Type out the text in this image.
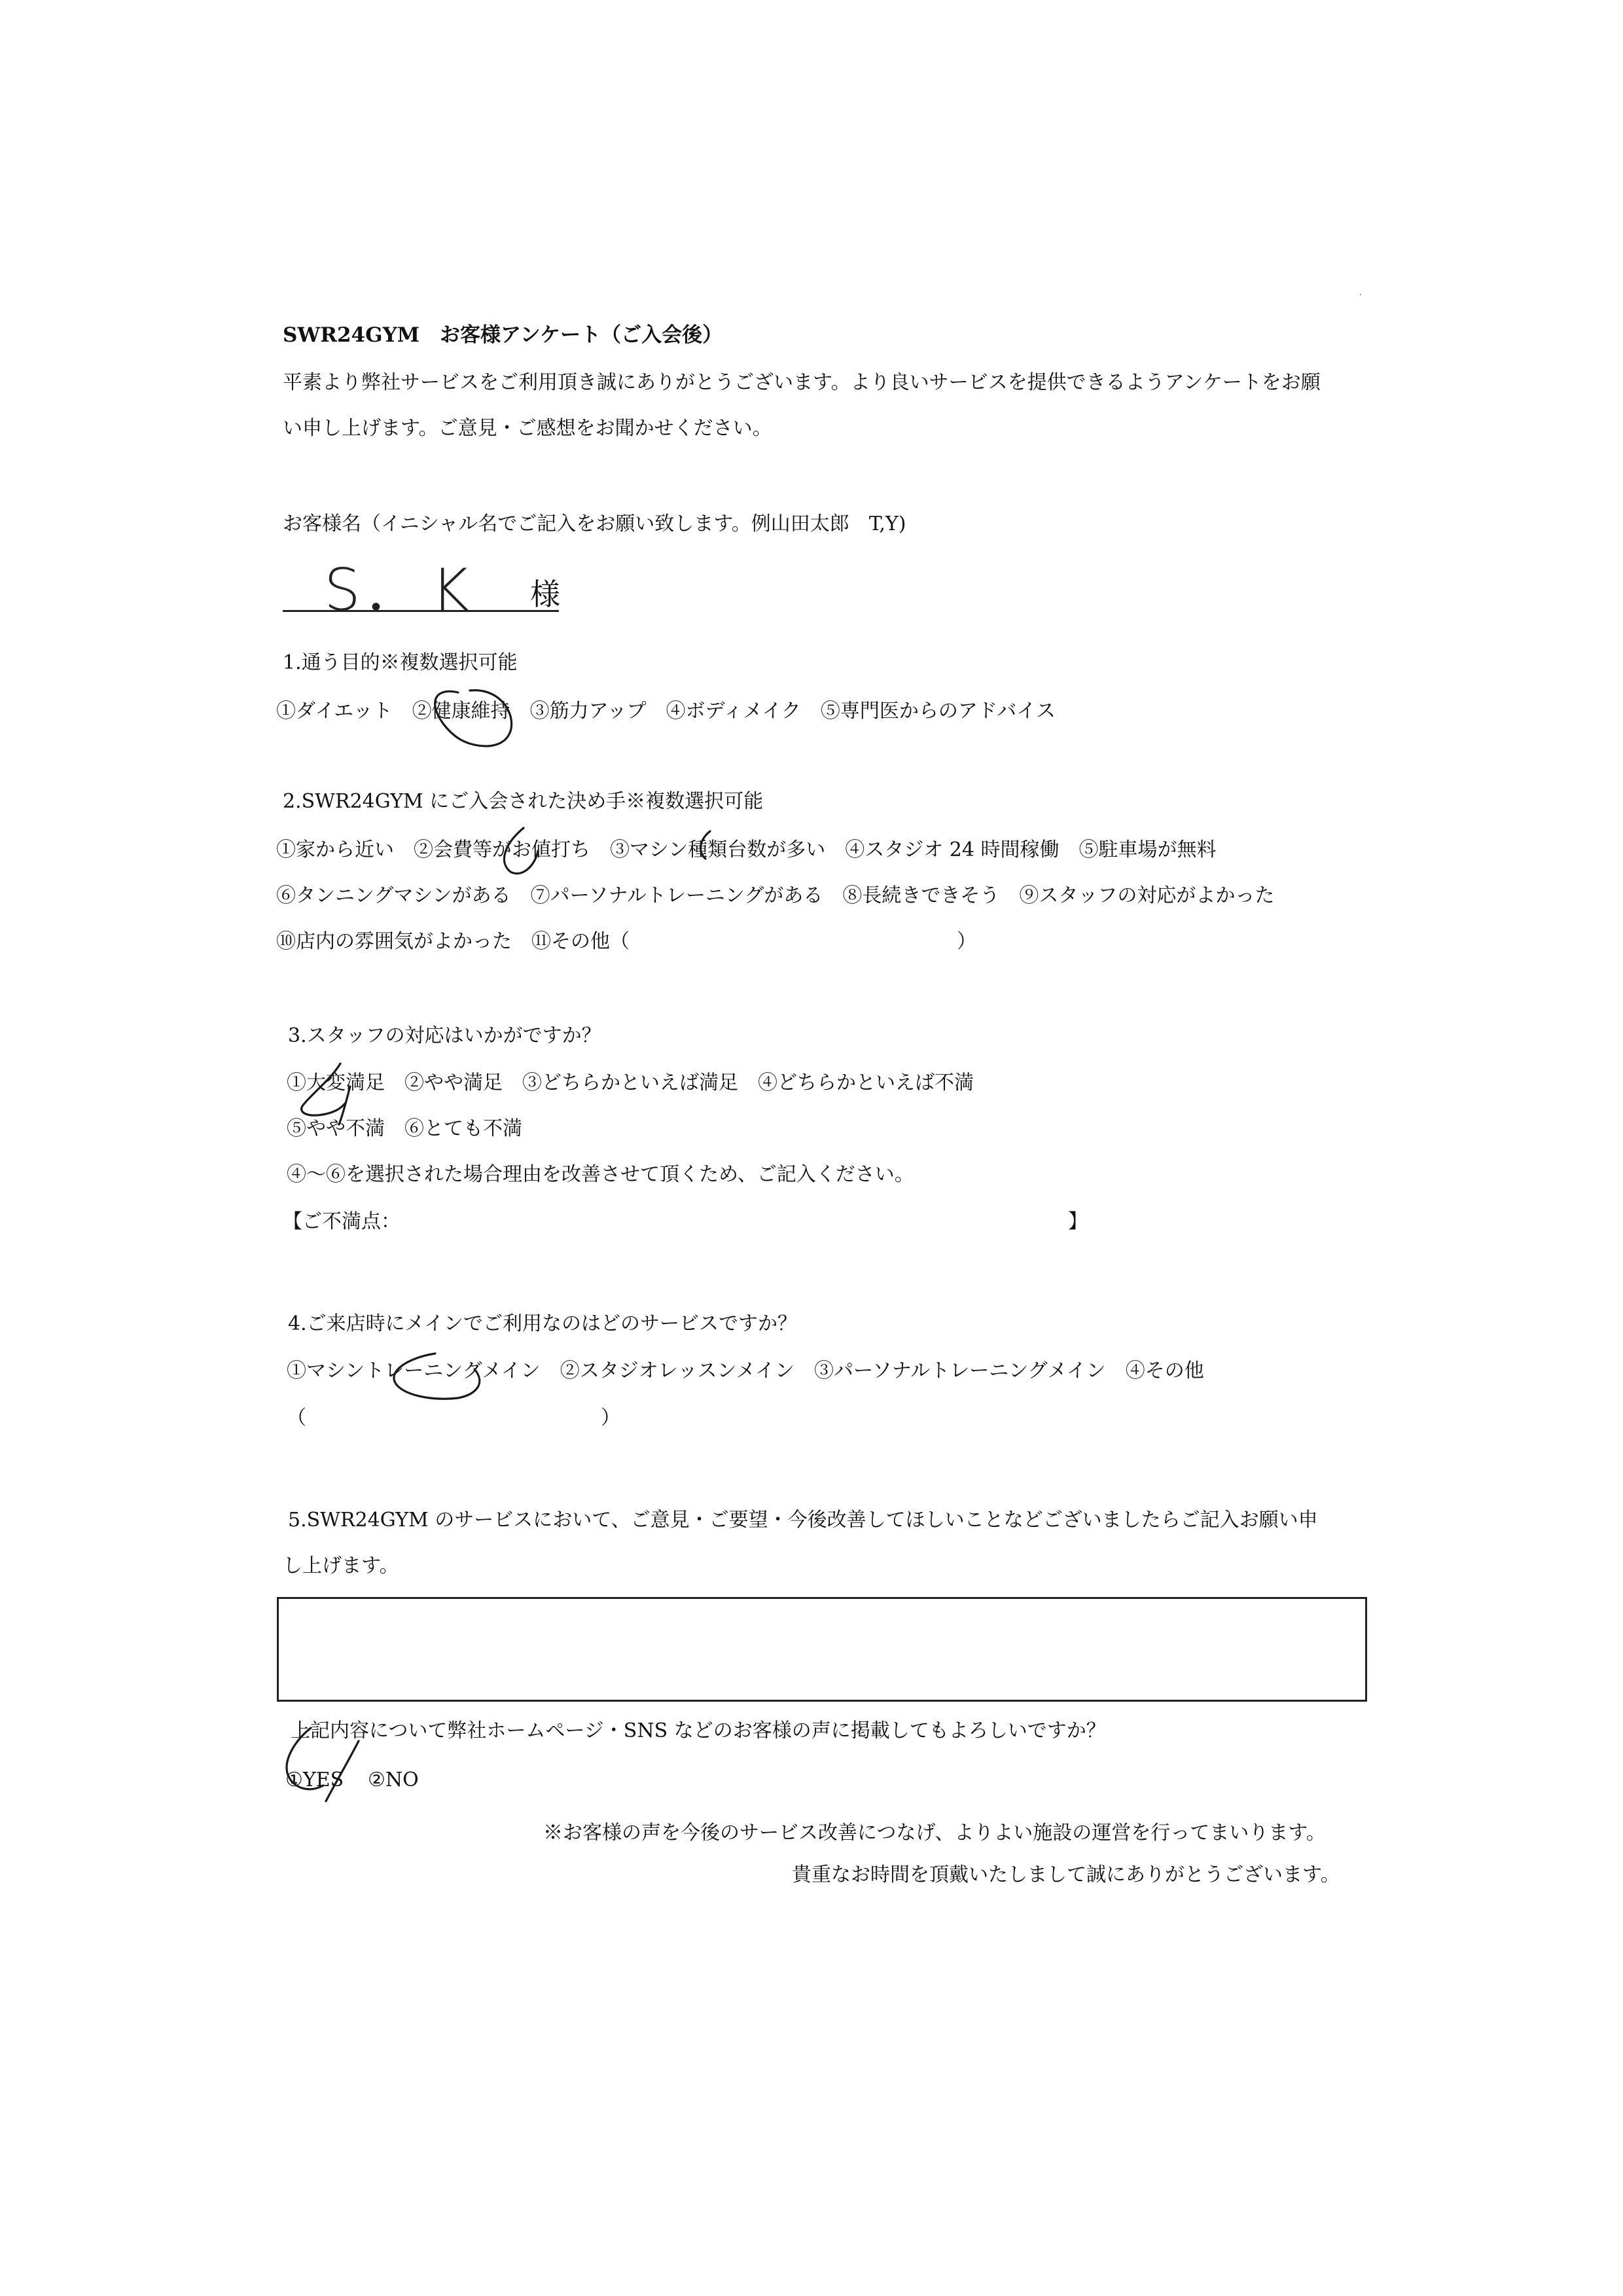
SWR24GYM　お客様アンケート（ご入会後）
平素より弊社サービスをご利用頂き誠にありがとうございます。より良いサービスを提供できるようアンケートをお願
い申し上げます。ご意見・ご感想をお聞かせください。
お客様名（イニシャル名でご記入をお願い致します。例山田太郎　T,Y)
S．K 様
1.通う目的※複数選択可能
①ダイエット　②健康維持　③筋力アップ　④ボディメイク　⑤専門医からのアドバイス
2.SWR24GYM にご入会された決め手※複数選択可能
①家から近い　②会費等がお値打ち　③マシン種類台数が多い　④スタジオ 24 時間稼働　⑤駐車場が無料
⑥タンニングマシンがある　⑦パーソナルトレーニングがある　⑧長続きできそう　⑨スタッフの対応がよかった
⑩店内の雰囲気がよかった　⑪その他（	）
3.スタッフの対応はいかがですか？
①大変満足　②やや満足　③どちらかといえば満足　④どちらかといえば不満
⑤やや不満　⑥とても不満
④〜⑥を選択された場合理由を改善させて頂くため、ご記入ください。
【ご不満点：	】
4.ご来店時にメインでご利用なのはどのサービスですか？
①マシントレーニングメイン　②スタジオレッスンメイン　③パーソナルトレーニングメイン　④その他
（	）
5.SWR24GYM のサービスにおいて、ご意見・ご要望・今後改善してほしいことなどございましたらご記入お願い申
し上げます。
上記内容について弊社ホームページ・SNS などのお客様の声に掲載してもよろしいですか？
①YES ②NO
※お客様の声を今後のサービス改善につなげ、よりよい施設の運営を行ってまいります。
貴重なお時間を頂戴いたしまして誠にありがとうございます。
